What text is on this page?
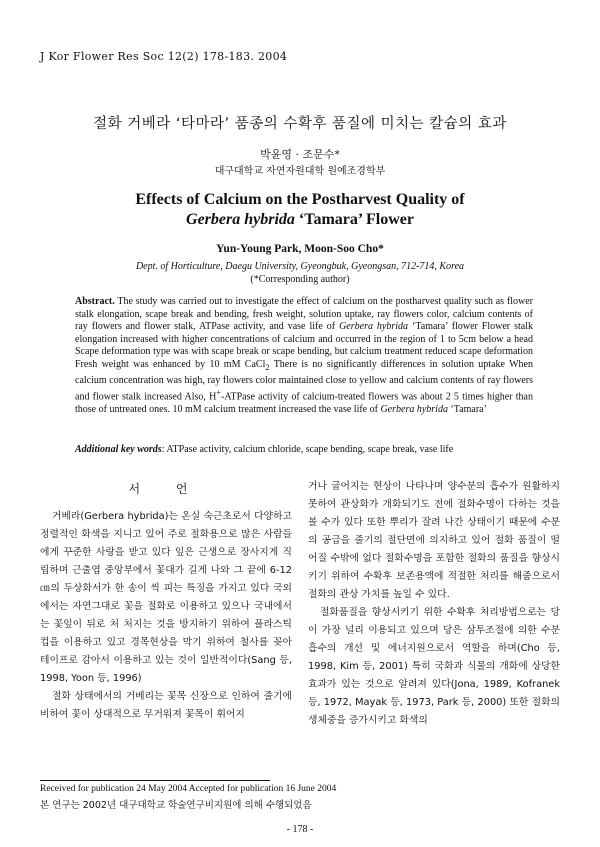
J Kor Flower Res Soc 12(2) 178-183. 2004
절화 거베라 ‘타마라’ 품종의 수확후 품질에 미치는 칼슘의 효과
박윤영 · 조문수*
대구대학교 자연자원대학 원예조경학부
Effects of Calcium on the Postharvest Quality of
Gerbera hybrida ‘Tamara’ Flower
Yun-Young Park, Moon-Soo Cho*
Dept. of Horticulture, Daegu University, Gyeongbuk, Gyeongsan, 712-714, Korea
(*Corresponding author)
Abstract. The study was carried out to investigate the effect of calcium on the postharvest quality such as flower stalk elongation, scape break and bending, fresh weight, solution uptake, ray flowers color, calcium contents of ray flowers and flower stalk, ATPase activity, and vase life of Gerbera hybrida ‘Tamara’ flower Flower stalk elongation increased with higher concentrations of calcium and occurred in the region of 1 to 5cm below a head Scape deformation type was with scape break or scape bending, but calcium treatment reduced scape deformation Fresh weight was enhanced by 10 mM CaCl$_2$ There is no significantly differences in solution uptake When calcium concentration was high, ray flowers color maintained close to yellow and calcium contents of ray flowers and flower stalk increased Also, H+-ATPase activity of calcium-treated flowers was about 2 5 times higher than those of untreated ones. 10 mM calcium treatment increased the vase life of Gerbera hybrida ‘Tamara’
Additional key words: ATPase activity, calcium chloride, scape bending, scape break, vase life
서 언

거베라(Gerbera hybrida)는 온실 숙근초로서 다양하고 정렬적인 화색을 지니고 있어 주로 절화용으로 많은 사람들에게 꾸준한 사랑을 받고 있다 잎은 근생으로 장사지게 직립하며 근출엽 중앙부에서 꽃대가 길게 나와 그 끝에 6-12㎝의 두상화서가 한 송이 씩 피는 특징을 가지고 있다 국외에서는 자연그대로 꽃을 절화로 이용하고 있으나 국내에서는 꽃잎이 뒤로 처 처지는 것을 방지하기 위하여 플라스틱 컵을 이용하고 있고 경목현상을 막기 위하여 철사를 꽂아 테이프로 감아서 이용하고 있는 것이 일반적이다(Sang 등, 1998, Yoon 등, 1996)

절화 상태에서의 거베리는 꽃목 신장으로 인하여 줄기에 비하여 꽃이 상대적으로 무거워져 꽃목이 휘어지

거나 굽어지는 현상이 나타나며 양수분의 흡수가 원활하지 못하여 관상화가 개화되기도 전에 절화수명이 다하는 것을 볼 수가 있다 또한 뿌리가 잘려 나간 상태이기 때문에 수분의 공급을 줄기의 절단면에 의지하고 있어 절화 품질이 떨어질 수밖에 없다 절화수명을 포함한 절화의 품질을 향상시키기 위하여 수확후 보존용액에 적절한 처리를 해줌으로서 절화의 관상 가치를 높일 수 있다.

절화품질을 향상시키기 위한 수확후 처리방법으로는 당이 가장 널리 이용되고 있으며 당은 삼투조절에 의한 수분 흡수의 개선 및 에너지원으로서 역할을 하며(Cho 등, 1998, Kim 등, 2001) 특히 국화과 식물의 개화에 상당한 효과가 있는 것으로 알려져 있다(Jona, 1989, Kofranek 등, 1972, Mayak 등, 1973, Park 등, 2000) 또한 절화의 생체중을 증가시키고 화색의

Received for publication 24 May 2004 Accepted for publication 16 June 2004
본 연구는 2002년 대구대학교 학술연구비지원에 의해 수행되었음
- 178 -
